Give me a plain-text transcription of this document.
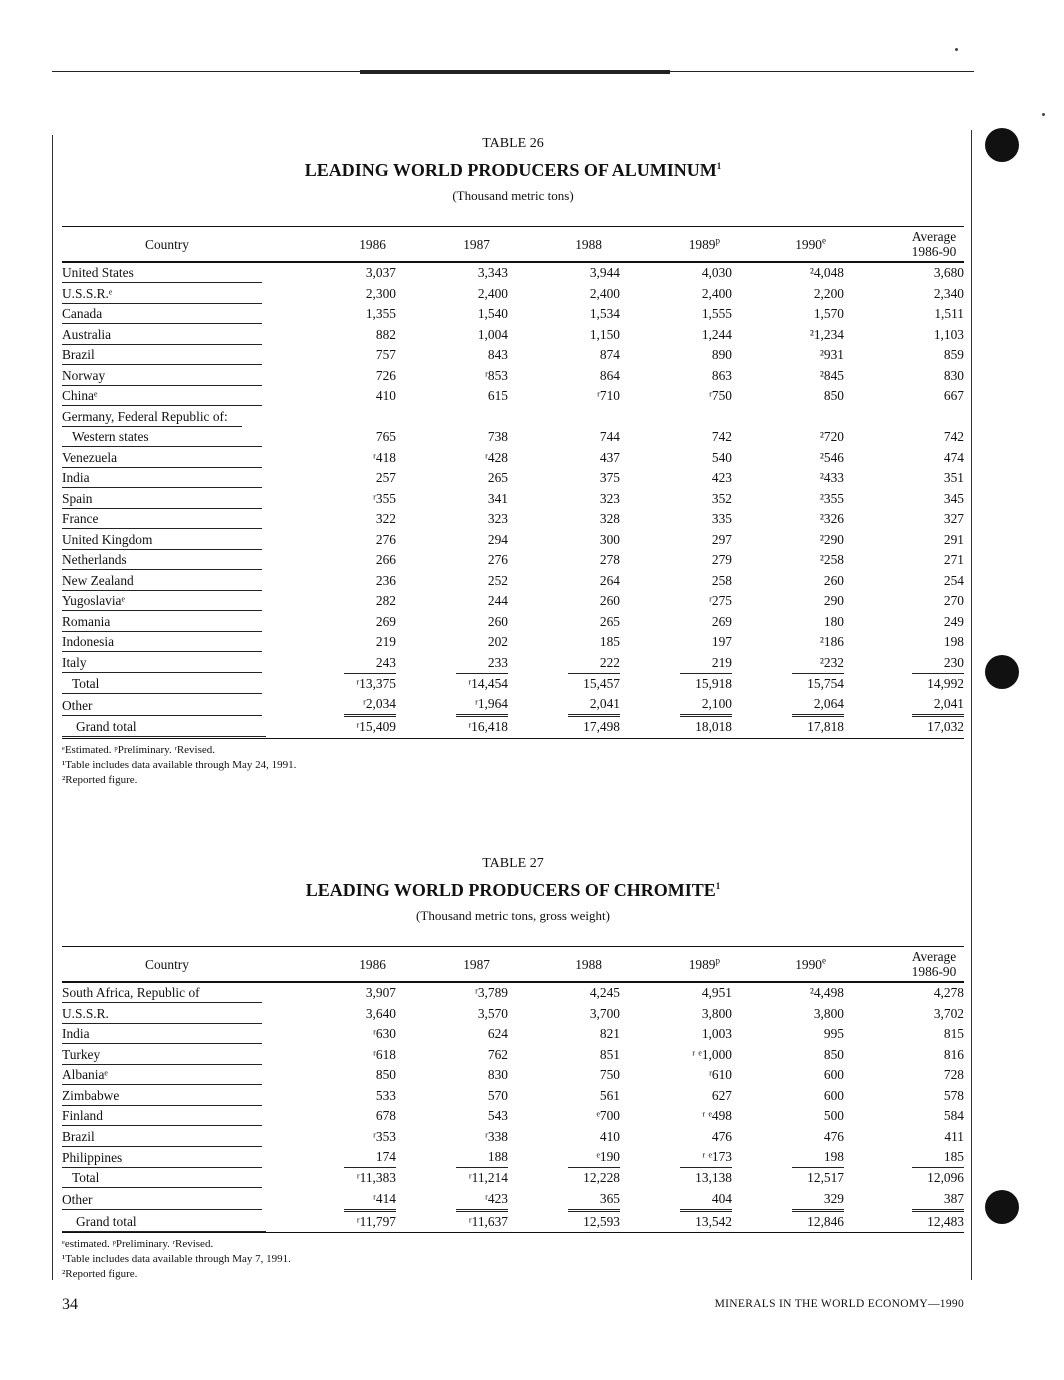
TABLE 26
LEADING WORLD PRODUCERS OF ALUMINUM$^1$
(Thousand metric tons)
Country	1986	1987	1988	1989$^p$	1990e	Average
1986-90

United States	3,037	3,343	3,944	4,030	²4,048	3,680
U.S.S.R.ᵉ	2,300	2,400	2,400	2,400	2,200	2,340
Canada	1,355	1,540	1,534	1,555	1,570	1,511
Australia	882	1,004	1,150	1,244	²1,234	1,103
Brazil	757	843	874	890	²931	859
Norway	726	ʳ853	864	863	²845	830
Chinaᵉ	410	615	ʳ710	ʳ750	850	667
Germany, Federal Republic of:						
Western states	765	738	744	742	²720	742
Venezuela	ʳ418	ʳ428	437	540	²546	474
India	257	265	375	423	²433	351
Spain	ʳ355	341	323	352	²355	345
France	322	323	328	335	²326	327
United Kingdom	276	294	300	297	²290	291
Netherlands	266	276	278	279	²258	271
New Zealand	236	252	264	258	260	254
Yugoslaviaᵉ	282	244	260	ʳ275	290	270
Romania	269	260	265	269	180	249
Indonesia	219	202	185	197	²186	198
Italy	243	233	222	219	²232	230
Total	ʳ13,375	ʳ14,454	15,457	15,918	15,754	14,992
Other	ʳ2,034	ʳ1,964	2,041	2,100	2,064	2,041
Grand total	ʳ15,409	ʳ16,418	17,498	18,018	17,818	17,032
ᵉEstimated. ᵖPreliminary. ʳRevised.
¹Table includes data available through May 24, 1991.
²Reported figure.
TABLE 27
LEADING WORLD PRODUCERS OF CHROMITE$^1$
(Thousand metric tons, gross weight)
Country	1986	1987	1988	1989$^p$	1990e	Average
1986-90

South Africa, Republic of	3,907	ʳ3,789	4,245	4,951	²4,498	4,278
U.S.S.R.	3,640	3,570	3,700	3,800	3,800	3,702
India	ʳ630	624	821	1,003	995	815
Turkey	ʳ618	762	851	ʳ ᵉ1,000	850	816
Albaniaᵉ	850	830	750	ʳ610	600	728
Zimbabwe	533	570	561	627	600	578
Finland	678	543	ᵉ700	ʳ ᵉ498	500	584
Brazil	ʳ353	ʳ338	410	476	476	411
Philippines	174	188	ᵉ190	ʳ ᵉ173	198	185
Total	ʳ11,383	ʳ11,214	12,228	13,138	12,517	12,096
Other	ʳ414	ʳ423	365	404	329	387
Grand total	ʳ11,797	ʳ11,637	12,593	13,542	12,846	12,483
ᵉestimated. ᵖPreliminary. ʳRevised.
¹Table includes data available through May 7, 1991.
²Reported figure.
34	MINERALS IN THE WORLD ECONOMY—1990
